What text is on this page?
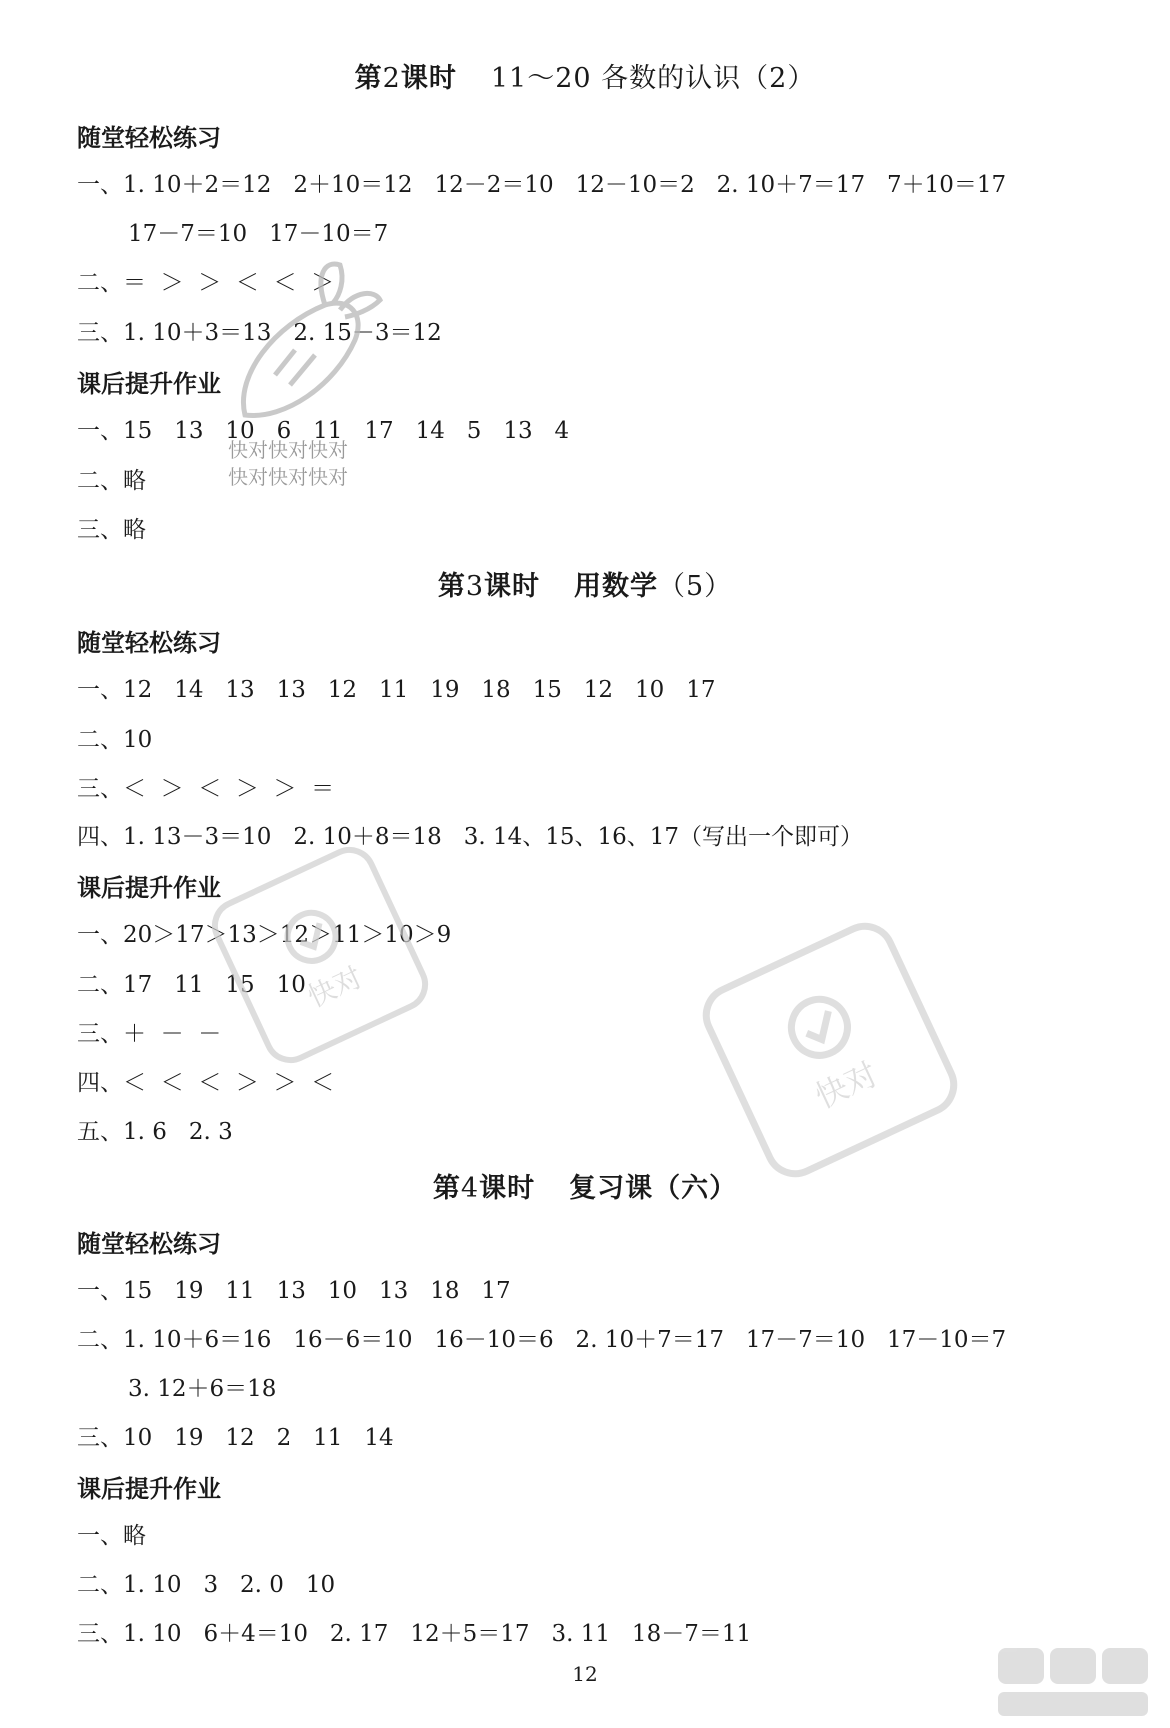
第2课时 11～20 各数的认识（2）
随堂轻松练习
一、1. 10＋2＝12   2＋10＝12   12－2＝10   12－10＝2   2. 10＋7＝17   7＋10＝17
17－7＝10   17－10＝7
二、＝  ＞  ＞  ＜  ＜  ＞
三、1. 10＋3＝13   2. 15－3＝12
课后提升作业
一、15   13   10   6   11   17   14   5   13   4
二、略
三、略
第3课时 用数学（5）
随堂轻松练习
一、12   14   13   13   12   11   19   18   15   12   10   17
二、10
三、＜  ＞  ＜  ＞  ＞  ＝
四、1. 13－3＝10   2. 10＋8＝18   3. 14、15、16、17（写出一个即可）
课后提升作业
一、20＞17＞13＞12＞11＞10＞9
二、17   11   15   10
三、＋  －  －
四、＜  ＜  ＜  ＞  ＞  ＜
五、1. 6   2. 3
第4课时 复习课（六）
随堂轻松练习
一、15   19   11   13   10   13   18   17
二、1. 10＋6＝16   16－6＝10   16－10＝6   2. 10＋7＝17   17－7＝10   17－10＝7
3. 12＋6＝18
三、10   19   12   2   11   14
课后提升作业
一、略
二、1. 10   3   2. 0   10
三、1. 10   6＋4＝10   2. 17   12＋5＝17   3. 11   18－7＝11
12
快对快对快对
快对快对快对
快对
快对
